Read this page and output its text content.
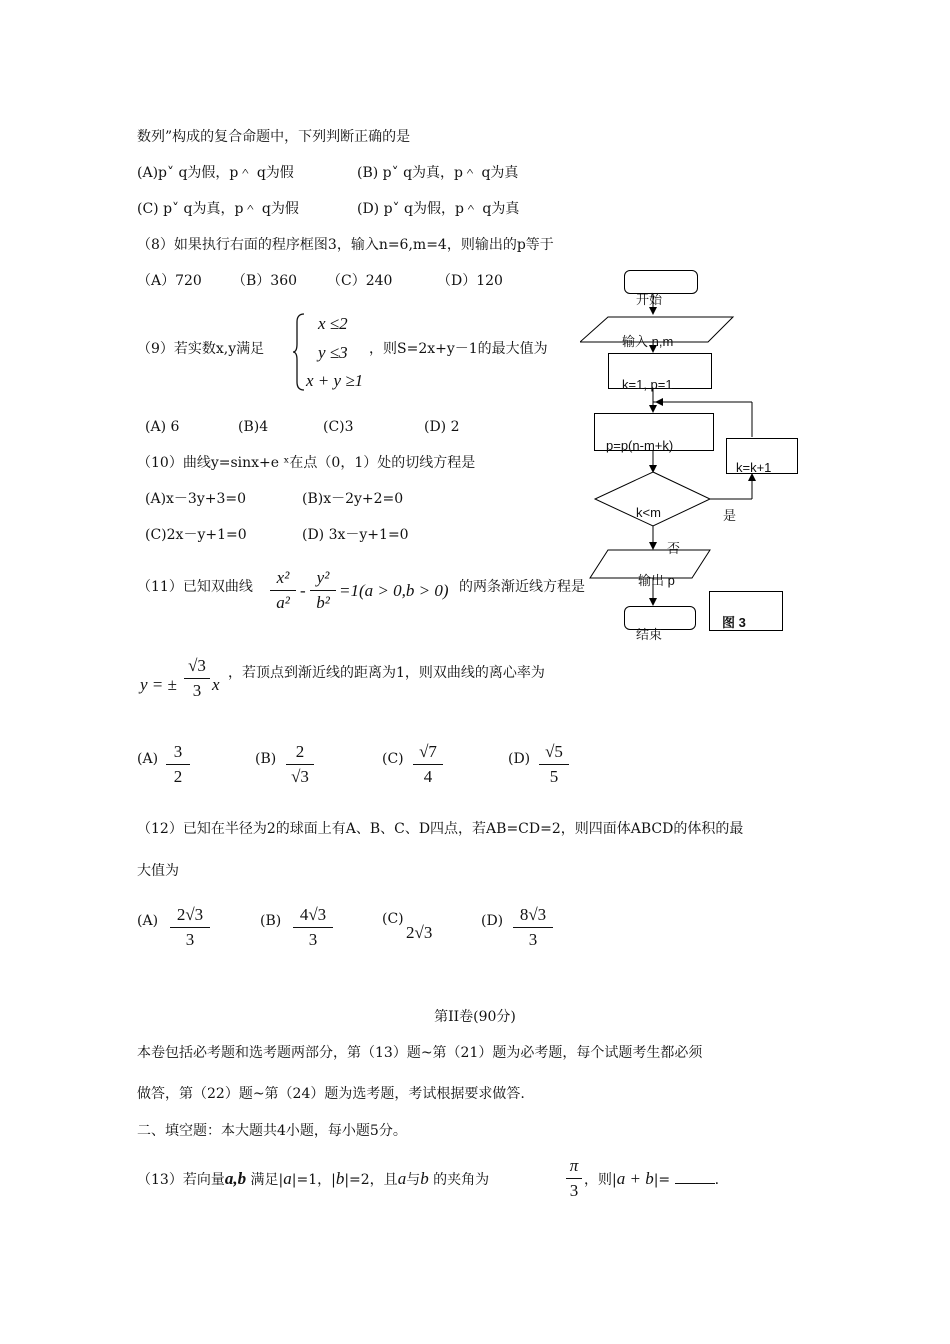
数列”构成的复合命题中，下列判断正确的是
(A)p˅ q为假，p＾ q为假	(B) p˅ q为真，p＾ q为真
(C) p˅ q为真，p＾ q为假	(D) p˅ q为假，p＾ q为真
（8）如果执行右面的程序框图3，输入n=6,m=4，则输出的p等于
（A）720 （B）360 （C）240	（D）120
（9）若实数x,y满足
x ≤2
y ≤3
x + y ≥1
，则S=2x+y－1的最大值为
(A) 6	(B)4	(C)3	(D) 2
（10）曲线y=sinx+e ˣ在点（0，1）处的切线方程是
(A)x－3y+3=0	(B)x－2y+2=0
(C)2x－y+1=0	(D) 3x－y+1=0
（11）已知双曲线	x²
a²
-
y²
b²
=1(a > 0,b > 0) 的两条渐近线方程是
y = ±
√3
3 x
，若顶点到渐近线的距离为1，则双曲线的离心率为
(A) 3
2
(B)	2
√3
(C) √7
4
(D) √5
5
（12）已知在半径为2的球面上有A、B、C、D四点，若AB=CD=2，则四面体ABCD的体积的最
大值为
(A)	2√3
3
(B)	4√3
3
(C)
2√3
(D) 8√3
3
第II卷(90分)
本卷包括必考题和选考题两部分，第（13）题~第（21）题为必考题，每个试题考生都必须
做答，第（22）题~第（24）题为选考题，考试根据要求做答.
二、填空题：本大题共4小题，每小题5分。
（13）若向量a,b 满足|a|=1，|b|=2，且a与b 的夹角为
π
3
，则|a + b|=	.
开始
输入 n,m
k=1, p=1
p=p(n-m+k)
k=k+1
k<m	是
否
输出 p
结束
图 3
